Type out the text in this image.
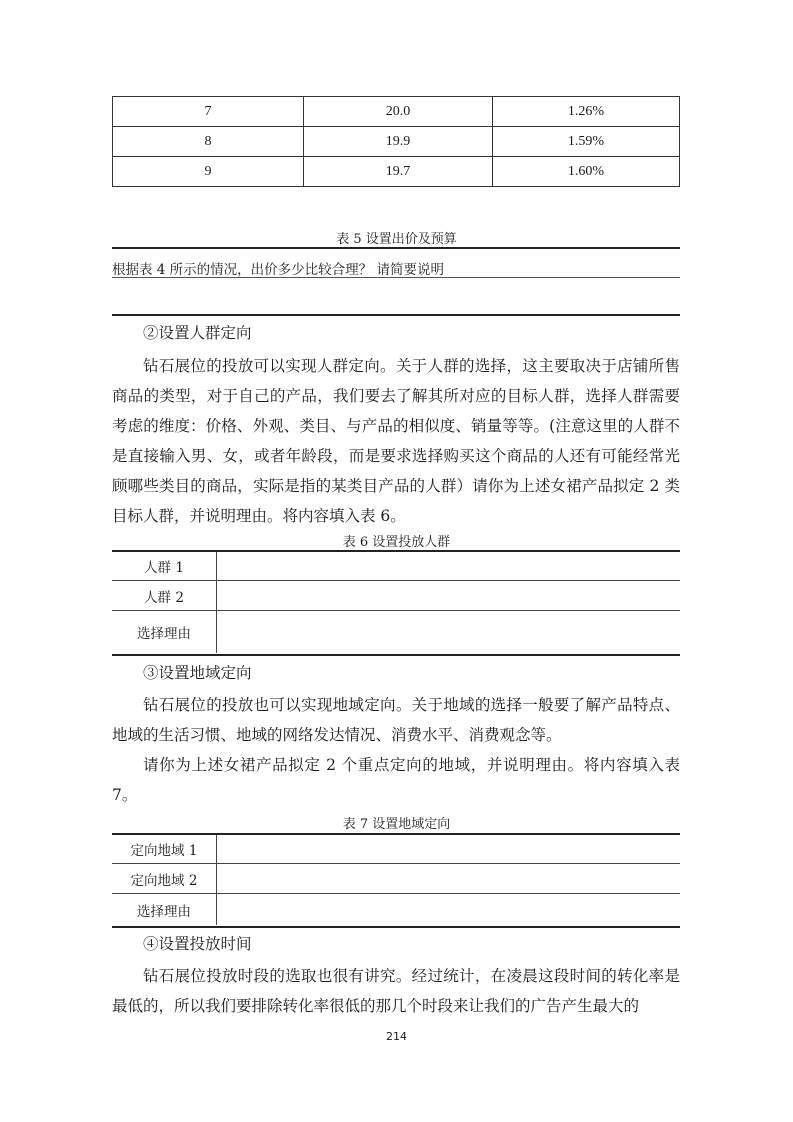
7	20.0	1.26%
8	19.9	1.59%
9	19.7	1.60%
表 5 设置出价及预算
根据表 4 所示的情况，出价多少比较合理？ 请简要说明
②设置人群定向

钻石展位的投放可以实现人群定向。关于人群的选择，这主要取决于店铺所售商品的类型，对于自己的产品，我们要去了解其所对应的目标人群，选择人群需要考虑的维度：价格、外观、类目、与产品的相似度、销量等等。(注意这里的人群不是直接输入男、女，或者年龄段，而是要求选择购买这个商品的人还有可能经常光顾哪些类目的商品，实际是指的某类目产品的人群）请你为上述女裙产品拟定 2 类目标人群，并说明理由。将内容填入表 6。

表 6 设置投放人群
人群 1	
人群 2	
选择理由	
③设置地域定向

钻石展位的投放也可以实现地域定向。关于地域的选择一般要了解产品特点、地域的生活习惯、地域的网络发达情况、消费水平、消费观念等。

请你为上述女裙产品拟定 2 个重点定向的地域，并说明理由。将内容填入表 7。

表 7 设置地域定向
定向地域 1	
定向地域 2	
选择理由	
④设置投放时间

钻石展位投放时段的选取也很有讲究。经过统计，在凌晨这段时间的转化率是最低的，所以我们要排除转化率很低的那几个时段来让我们的广告产生最大的

214
